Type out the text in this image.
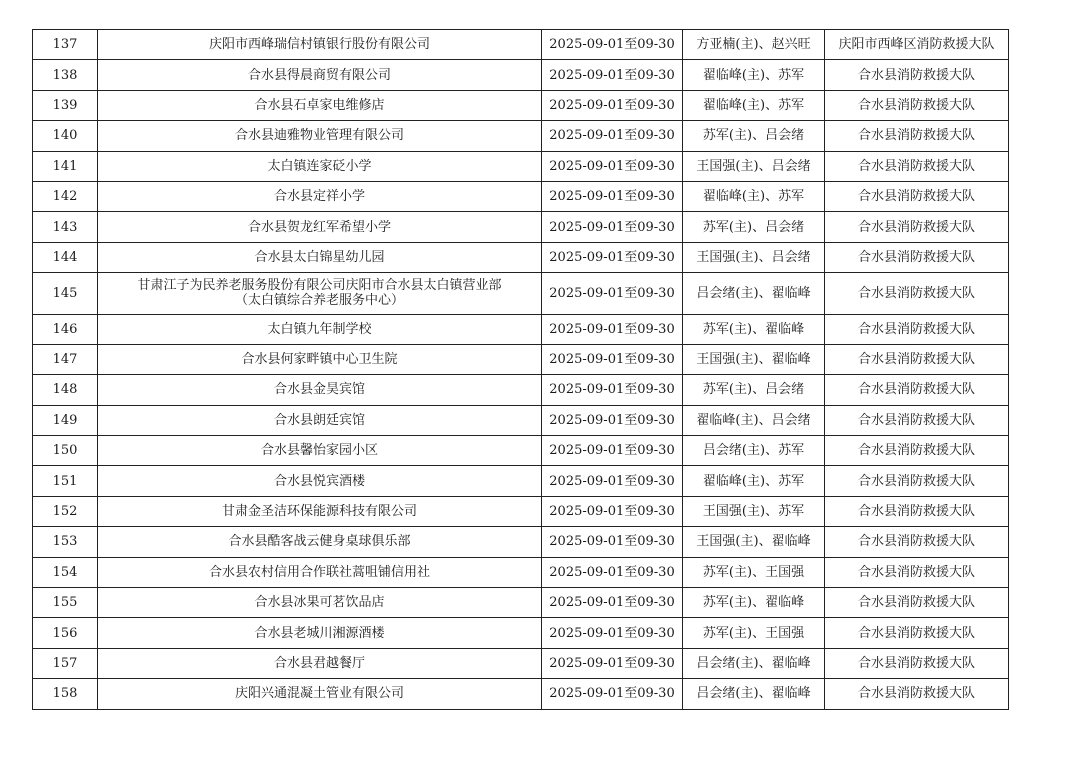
137	庆阳市西峰瑞信村镇银行股份有限公司	2025-09-01至09-30	方亚楠(主)、赵兴旺	庆阳市西峰区消防救援大队
138	合水县得晨商贸有限公司	2025-09-01至09-30	翟临峰(主)、苏军	合水县消防救援大队
139	合水县石卓家电维修店	2025-09-01至09-30	翟临峰(主)、苏军	合水县消防救援大队
140	合水县迪雅物业管理有限公司	2025-09-01至09-30	苏军(主)、吕会绪	合水县消防救援大队
141	太白镇连家砭小学	2025-09-01至09-30	王国强(主)、吕会绪	合水县消防救援大队
142	合水县定祥小学	2025-09-01至09-30	翟临峰(主)、苏军	合水县消防救援大队
143	合水县贺龙红军希望小学	2025-09-01至09-30	苏军(主)、吕会绪	合水县消防救援大队
144	合水县太白锦星幼儿园	2025-09-01至09-30	王国强(主)、吕会绪	合水县消防救援大队
145	甘肃江子为民养老服务股份有限公司庆阳市合水县太白镇营业部
（太白镇综合养老服务中心）	2025-09-01至09-30	吕会绪(主)、翟临峰	合水县消防救援大队
146	太白镇九年制学校	2025-09-01至09-30	苏军(主)、翟临峰	合水县消防救援大队
147	合水县何家畔镇中心卫生院	2025-09-01至09-30	王国强(主)、翟临峰	合水县消防救援大队
148	合水县金昊宾馆	2025-09-01至09-30	苏军(主)、吕会绪	合水县消防救援大队
149	合水县朗廷宾馆	2025-09-01至09-30	翟临峰(主)、吕会绪	合水县消防救援大队
150	合水县馨怡家园小区	2025-09-01至09-30	吕会绪(主)、苏军	合水县消防救援大队
151	合水县悦宾酒楼	2025-09-01至09-30	翟临峰(主)、苏军	合水县消防救援大队
152	甘肃金圣洁环保能源科技有限公司	2025-09-01至09-30	王国强(主)、苏军	合水县消防救援大队
153	合水县酷客战云健身桌球俱乐部	2025-09-01至09-30	王国强(主)、翟临峰	合水县消防救援大队
154	合水县农村信用合作联社蒿咀铺信用社	2025-09-01至09-30	苏军(主)、王国强	合水县消防救援大队
155	合水县冰果可茗饮品店	2025-09-01至09-30	苏军(主)、翟临峰	合水县消防救援大队
156	合水县老城川湘源酒楼	2025-09-01至09-30	苏军(主)、王国强	合水县消防救援大队
157	合水县君越餐厅	2025-09-01至09-30	吕会绪(主)、翟临峰	合水县消防救援大队
158	庆阳兴通混凝土管业有限公司	2025-09-01至09-30	吕会绪(主)、翟临峰	合水县消防救援大队
